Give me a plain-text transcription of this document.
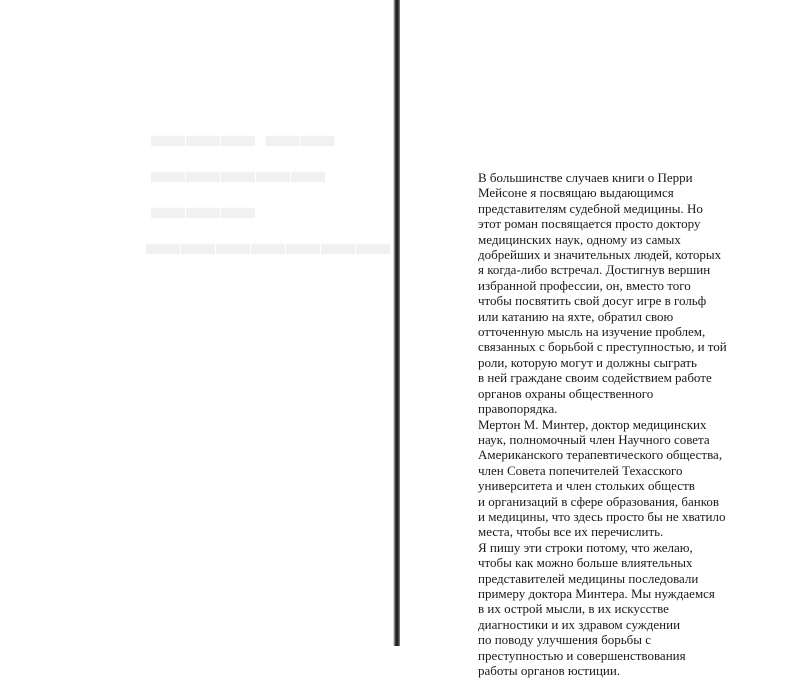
▬▬ ▬▬▬
▬▬▬▬▬ ▬▬▬
▬▬▬▬▬▬▬
В большинстве случаев книги о Перри
Мейсоне я посвящаю выдающимся
представителям судебной медицины. Но
этот роман посвящается просто доктору
медицинских наук, одному из самых
добрейших и значительных людей, которых
я когда-либо встречал. Достигнув вершин
избранной профессии, он, вместо того
чтобы посвятить свой досуг игре в гольф
или катанию на яхте, обратил свою
отточенную мысль на изучение проблем,
связанных с борьбой с преступностью, и той
роли, которую могут и должны сыграть
в ней граждане своим содействием работе
органов охраны общественного
правопорядка.
Мертон М. Минтер, доктор медицинских
наук, полномочный член Научного совета
Американского терапевтического общества,
член Совета попечителей Техасского
университета и член стольких обществ
и организаций в сфере образования, банков
и медицины, что здесь просто бы не хватило
места, чтобы все их перечислить.
Я пишу эти строки потому, что желаю,
чтобы как можно больше влиятельных
представителей медицины последовали
примеру доктора Минтера. Мы нуждаемся
в их острой мысли, в их искусстве
диагностики и их здравом суждении
по поводу улучшения борьбы с
преступностью и совершенствования
работы органов юстиции.
